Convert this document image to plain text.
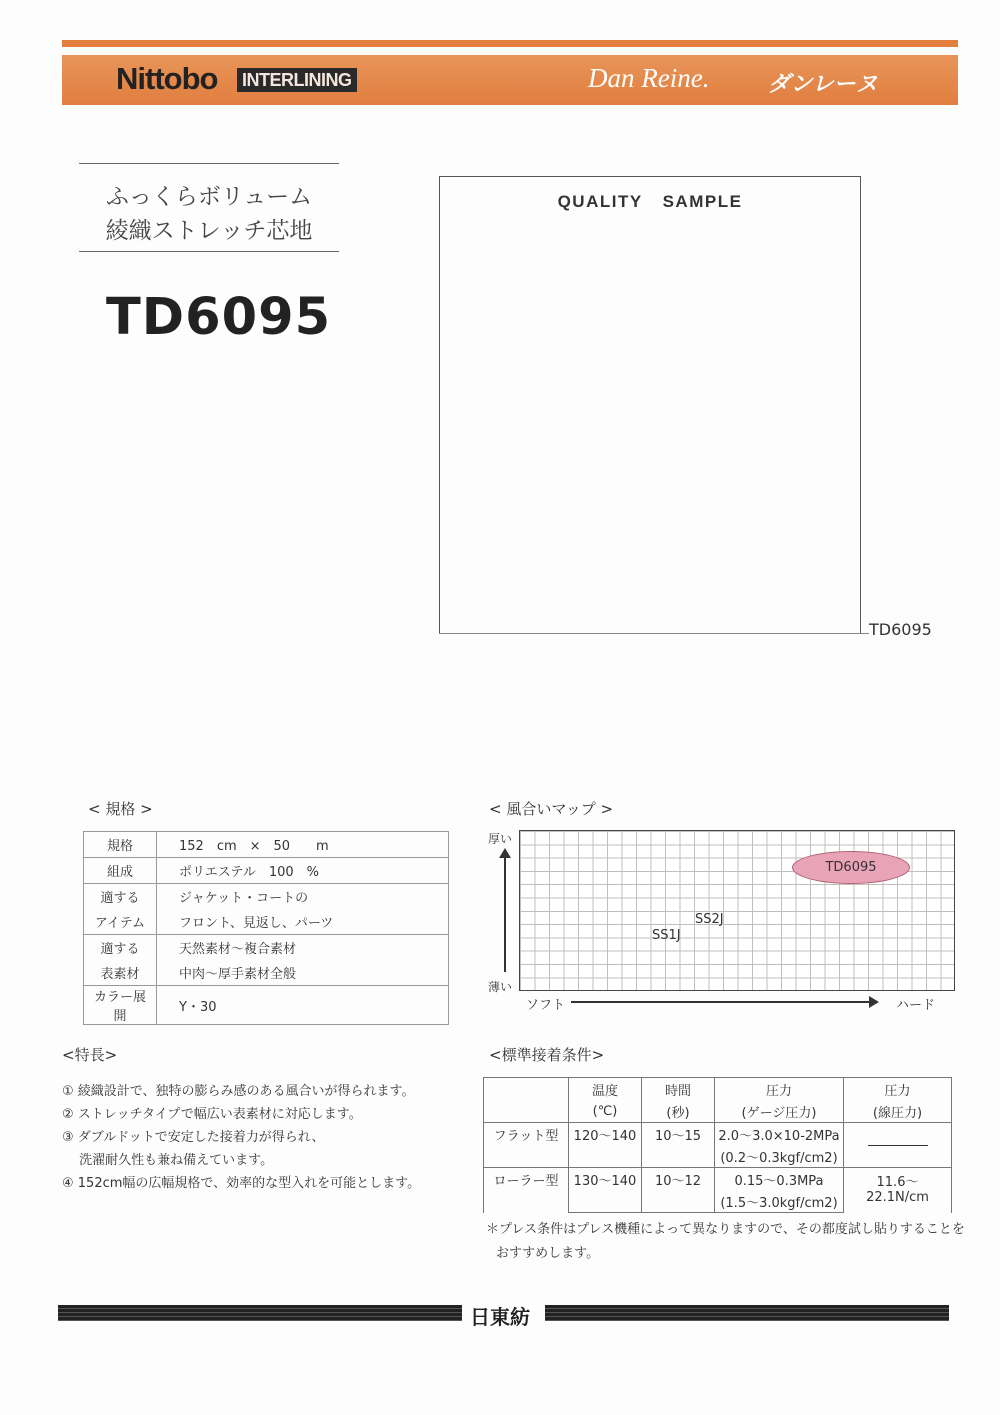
Nittobo INTERLINING	Dan Reine.	ダンレーヌ
ふっくらボリューム
綾織ストレッチ芯地
TD6095
QUALITY SAMPLE
TD6095
< 規格 >
規格	152　cm　×　50　　m
組成	ポリエステル　100　%
適する	ジャケット・コートの
アイテム	フロント、見返し、パーツ
適する	天然素材～複合素材
表素材	中肉～厚手素材全般
カラー展開	Y・30
< 風合いマップ >
厚い
薄い
TD6095
SS2J
SS1J
ソフト	ハード
<特長>
① 綾織設計で、独特の膨らみ感のある風合いが得られます。
② ストレッチタイプで幅広い表素材に対応します。
③ ダブルドットで安定した接着力が得られ、
　 洗濯耐久性も兼ね備えています。
④ 152cm幅の広幅規格で、効率的な型入れを可能とします。
<標準接着条件>
	温度	時間	圧力	圧力
	(℃)	(秒)	(ゲージ圧力)	(線圧力)
フラット型	120～140	10～15	2.0～3.0×10-2MPa	
			(0.2～0.3kgf/cm2)	
ローラー型	130～140	10～12	0.15～0.3MPa	11.6～22.1N/cm
			(1.5～3.0kgf/cm2)	
＊プレス条件はプレス機種によって異なりますので、その都度試し貼りすることを
おすすめします。
日東紡
